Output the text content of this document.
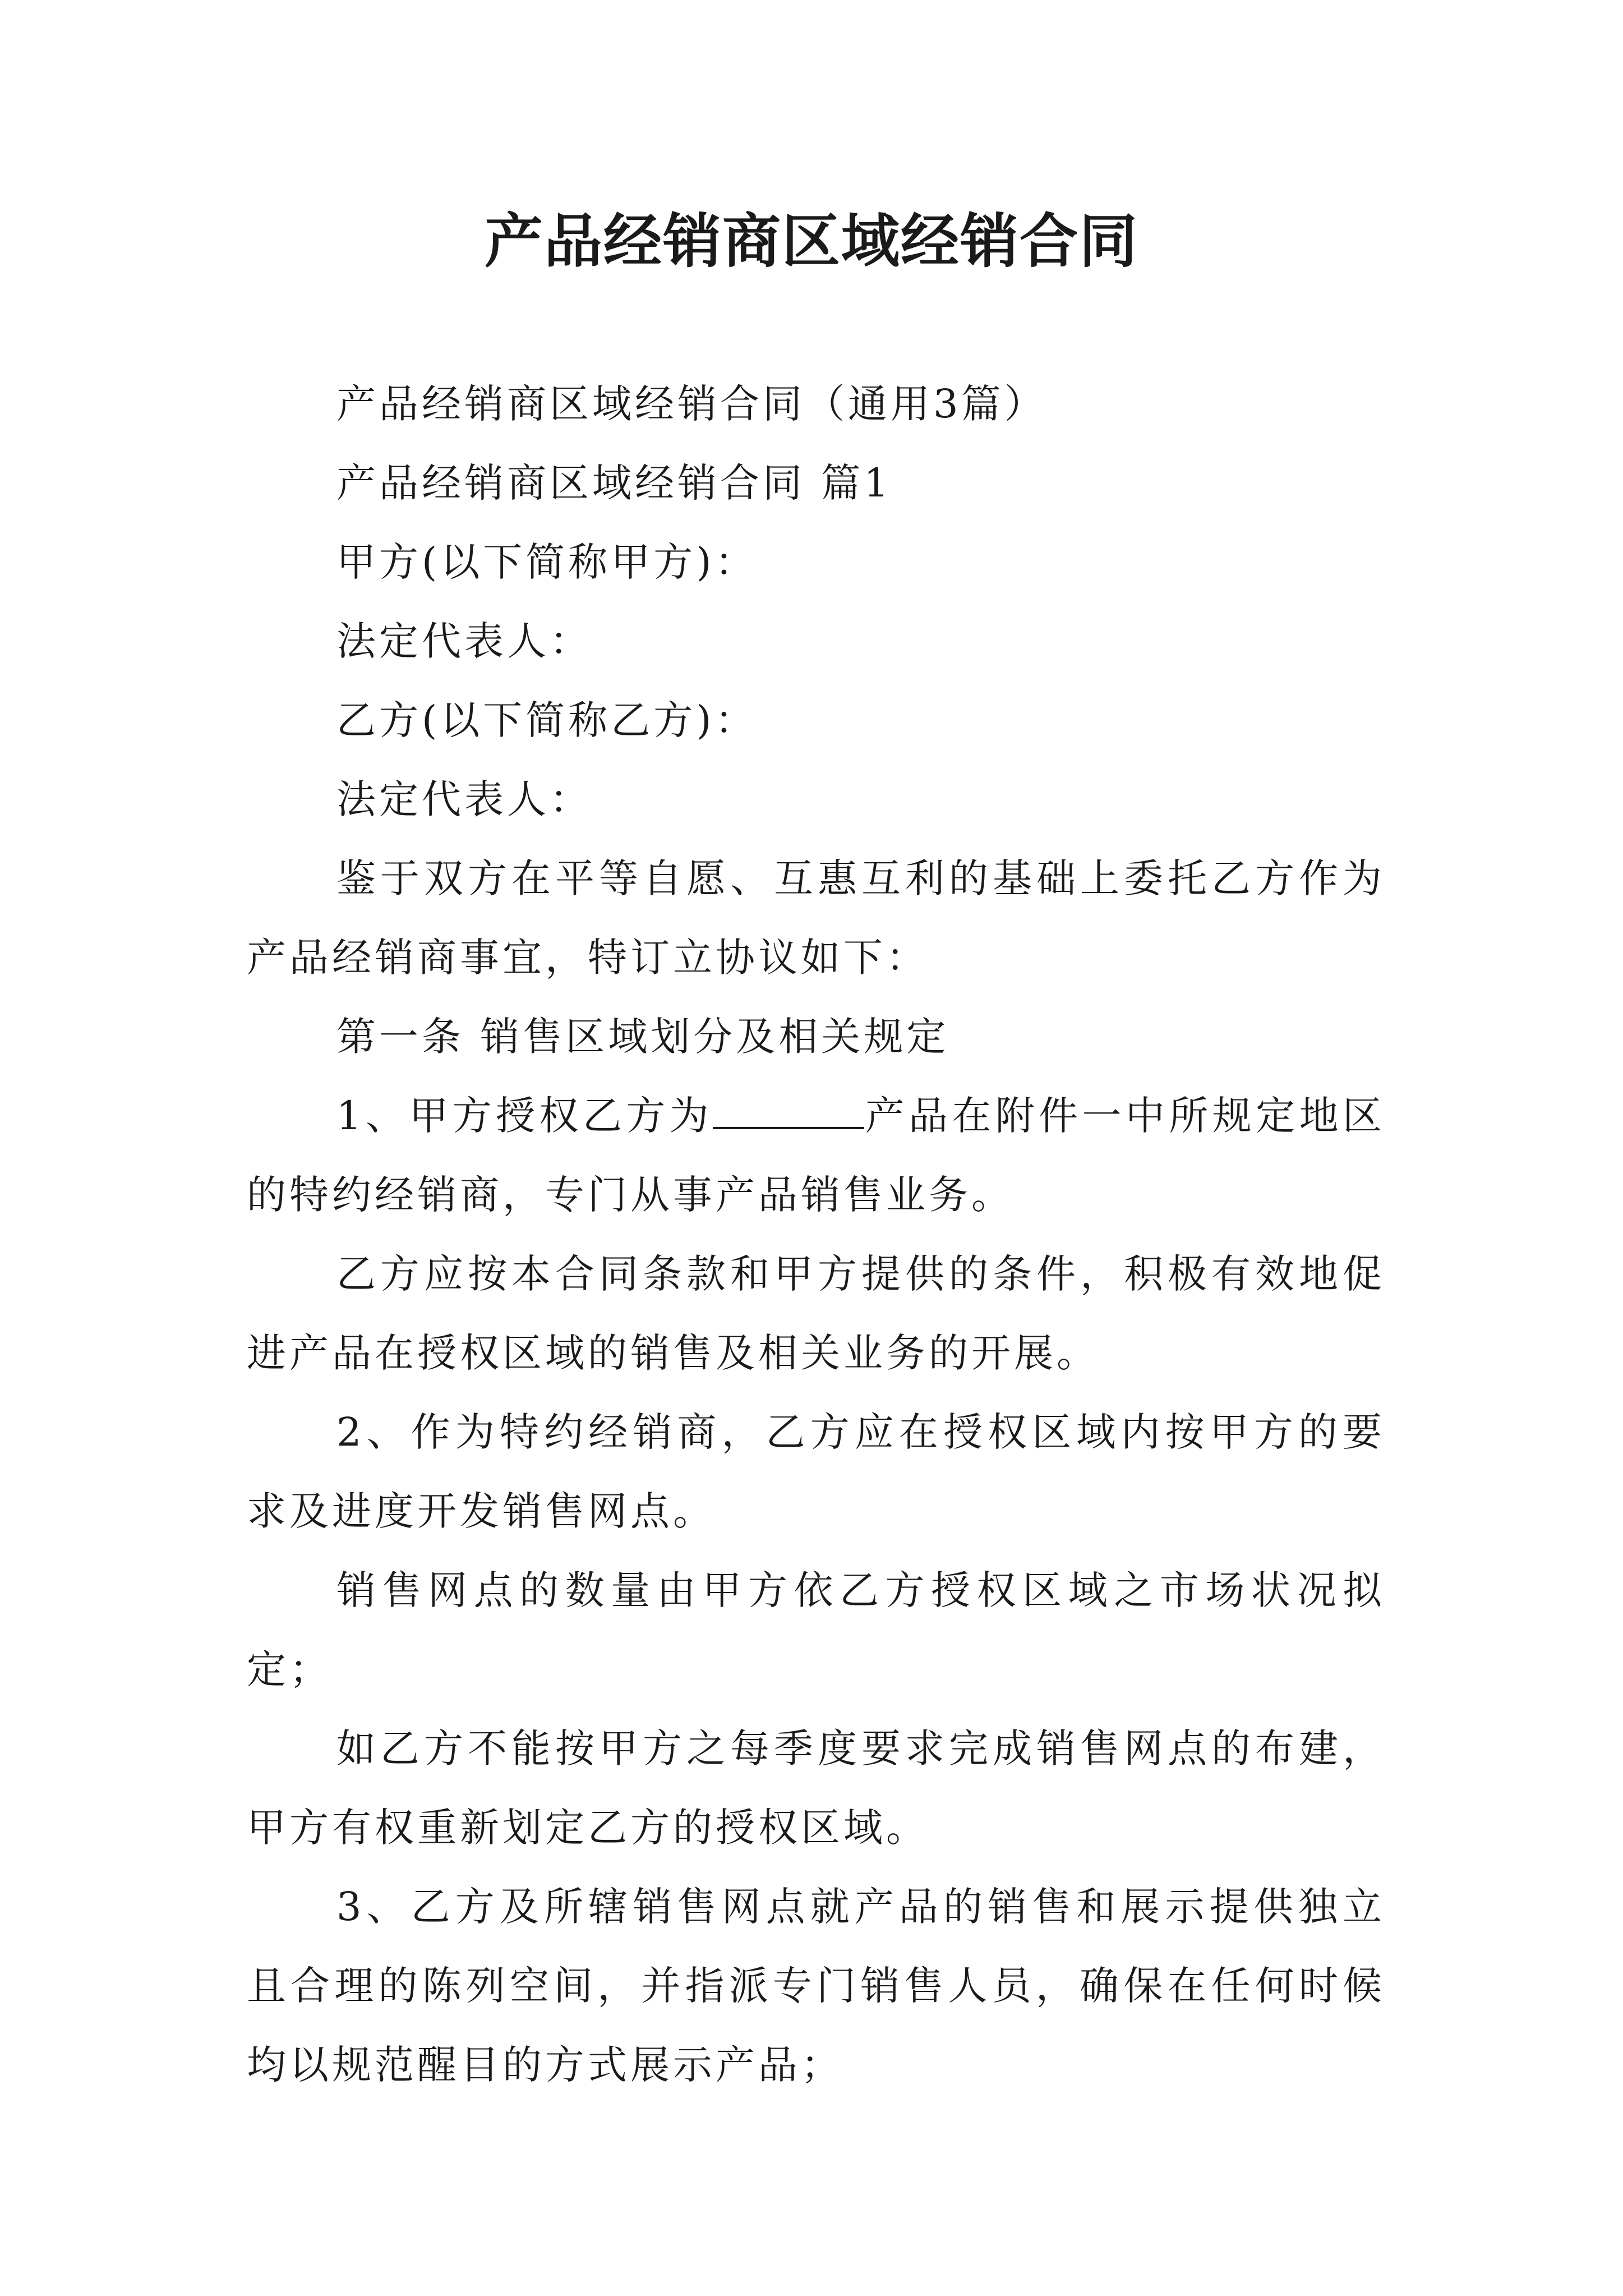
产品经销商区域经销合同

产品经销商区域经销合同（通用3篇）

产品经销商区域经销合同 篇1

甲方(以下简称甲方)：

法定代表人：

乙方(以下简称乙方)：

法定代表人：

鉴于双方在平等自愿、互惠互利的基础上委托乙方作为产品经销商事宜，特订立协议如下：

第一条 销售区域划分及相关规定

1、甲方授权乙方为	产品在附件一中所规定地区的特约经销商，专门从事产品销售业务。

乙方应按本合同条款和甲方提供的条件，积极有效地促进产品在授权区域的销售及相关业务的开展。

2、作为特约经销商，乙方应在授权区域内按甲方的要求及进度开发销售网点。

销售网点的数量由甲方依乙方授权区域之市场状况拟定；

如乙方不能按甲方之每季度要求完成销售网点的布建，甲方有权重新划定乙方的授权区域。

3、乙方及所辖销售网点就产品的销售和展示提供独立且合理的陈列空间，并指派专门销售人员，确保在任何时候均以规范醒目的方式展示产品；
